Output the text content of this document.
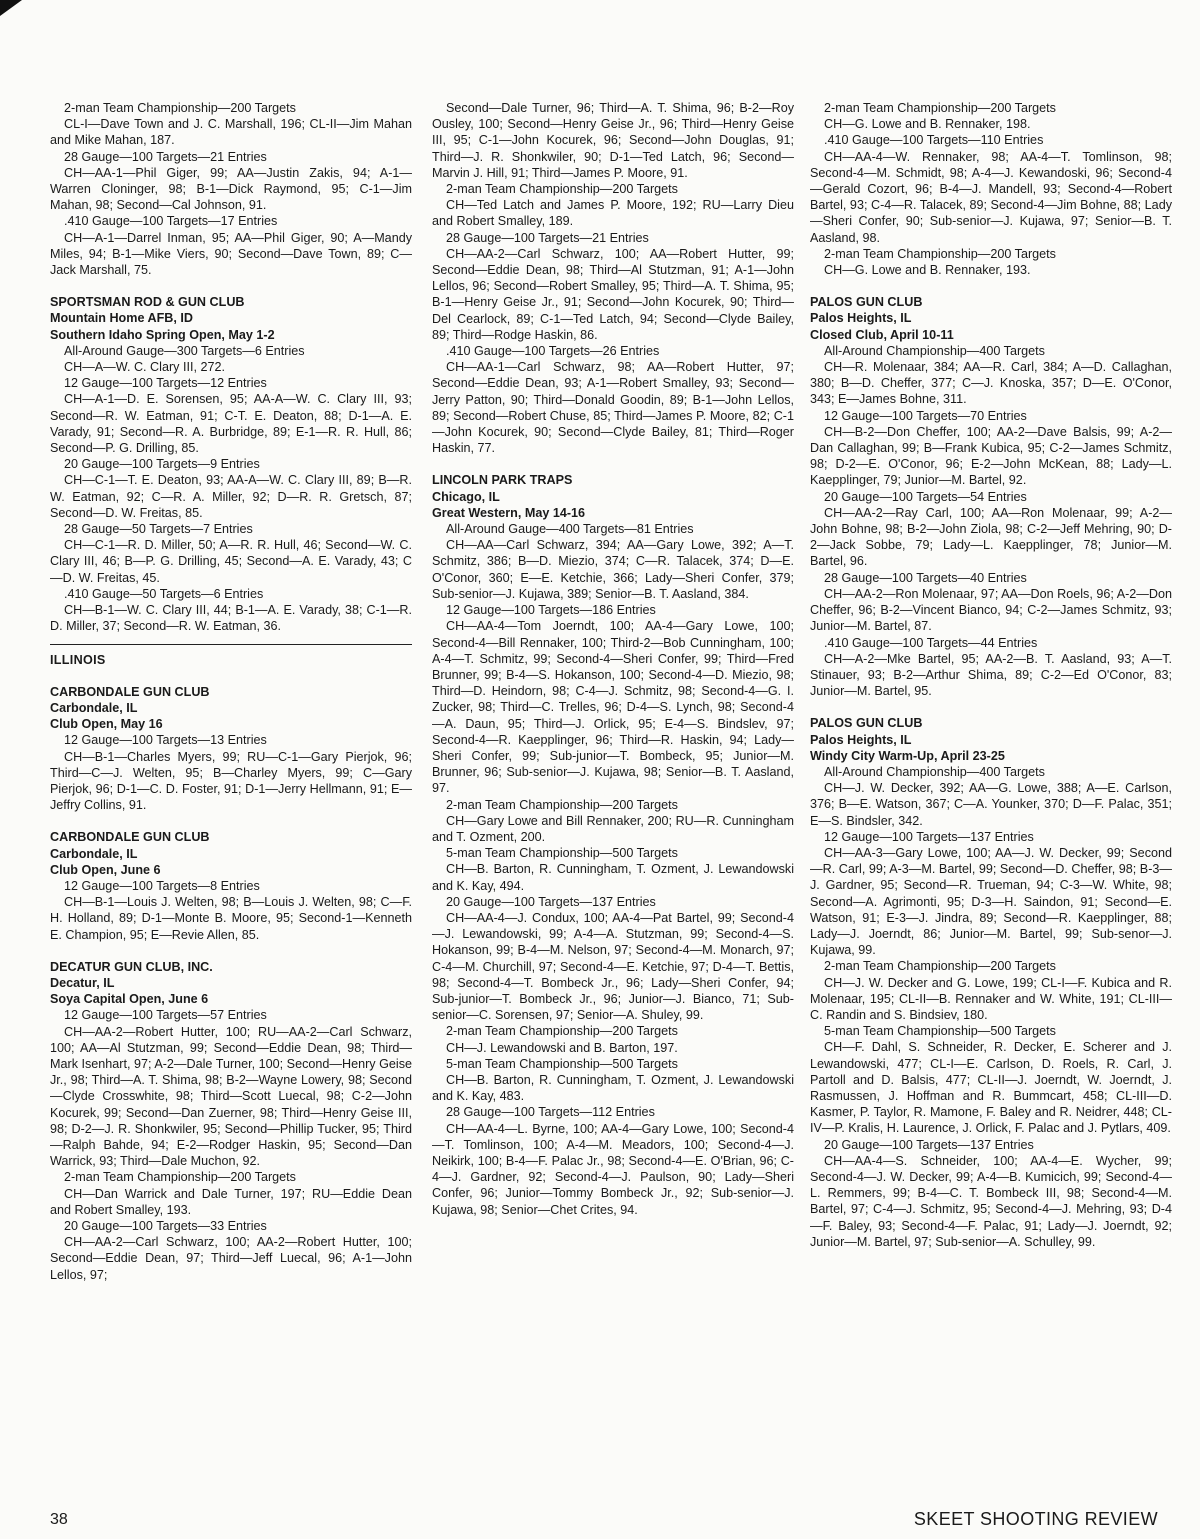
2-man Team Championship—200 Targets

CL-I—Dave Town and J. C. Marshall, 196; CL-II—Jim Mahan and Mike Mahan, 187.

28 Gauge—100 Targets—21 Entries

CH—AA-1—Phil Giger, 99; AA—Justin Zakis, 94; A-1—Warren Cloninger, 98; B-1—Dick Raymond, 95; C-1—Jim Mahan, 98; Second—Cal Johnson, 91.

.410 Gauge—100 Targets—17 Entries

CH—A-1—Darrel Inman, 95; AA—Phil Giger, 90; A—Mandy Miles, 94; B-1—Mike Viers, 90; Second—Dave Town, 89; C—Jack Marshall, 75.

SPORTSMAN ROD & GUN CLUB
Mountain Home AFB, ID
Southern Idaho Spring Open, May 1-2

All-Around Gauge—300 Targets—6 Entries

CH—A—W. C. Clary III, 272.

12 Gauge—100 Targets—12 Entries

CH—A-1—D. E. Sorensen, 95; AA-A—W. C. Clary III, 93; Second—R. W. Eatman, 91; C-T. E. Deaton, 88; D-1—A. E. Varady, 91; Second—R. A. Burbridge, 89; E-1—R. R. Hull, 86; Second—P. G. Drilling, 85.

20 Gauge—100 Targets—9 Entries

CH—C-1—T. E. Deaton, 93; AA-A—W. C. Clary III, 89; B—R. W. Eatman, 92; C—R. A. Miller, 92; D—R. R. Gretsch, 87; Second—D. W. Freitas, 85.

28 Gauge—50 Targets—7 Entries

CH—C-1—R. D. Miller, 50; A—R. R. Hull, 46; Second—W. C. Clary III, 46; B—P. G. Drilling, 45; Second—A. E. Varady, 43; C—D. W. Freitas, 45.

.410 Gauge—50 Targets—6 Entries

CH—B-1—W. C. Clary III, 44; B-1—A. E. Varady, 38; C-1—R. D. Miller, 37; Second—R. W. Eatman, 36.

ILLINOIS
CARBONDALE GUN CLUB
Carbondale, IL
Club Open, May 16

12 Gauge—100 Targets—13 Entries

CH—B-1—Charles Myers, 99; RU—C-1—Gary Pierjok, 96; Third—C—J. Welten, 95; B—Charley Myers, 99; C—Gary Pierjok, 96; D-1—C. D. Foster, 91; D-1—Jerry Hellmann, 91; E—Jeffry Collins, 91.

CARBONDALE GUN CLUB
Carbondale, IL
Club Open, June 6

12 Gauge—100 Targets—8 Entries

CH—B-1—Louis J. Welten, 98; B—Louis J. Welten, 98; C—F. H. Holland, 89; D-1—Monte B. Moore, 95; Second-1—Kenneth E. Champion, 95; E—Revie Allen, 85.

DECATUR GUN CLUB, INC.
Decatur, IL
Soya Capital Open, June 6

12 Gauge—100 Targets—57 Entries

CH—AA-2—Robert Hutter, 100; RU—AA-2—Carl Schwarz, 100; AA—Al Stutzman, 99; Second—Eddie Dean, 98; Third—Mark Isenhart, 97; A-2—Dale Turner, 100; Second—Henry Geise Jr., 98; Third—A. T. Shima, 98; B-2—Wayne Lowery, 98; Second—Clyde Crosswhite, 98; Third—Scott Luecal, 98; C-2—John Kocurek, 99; Second—Dan Zuerner, 98; Third—Henry Geise III, 98; D-2—J. R. Shonkwiler, 95; Second—Phillip Tucker, 95; Third—Ralph Bahde, 94; E-2—Rodger Haskin, 95; Second—Dan Warrick, 93; Third—Dale Muchon, 92.

2-man Team Championship—200 Targets

CH—Dan Warrick and Dale Turner, 197; RU—Eddie Dean and Robert Smalley, 193.

20 Gauge—100 Targets—33 Entries

CH—AA-2—Carl Schwarz, 100; AA-2—Robert Hutter, 100; Second—Eddie Dean, 97; Third—Jeff Luecal, 96; A-1—John Lellos, 97;

Second—Dale Turner, 96; Third—A. T. Shima, 96; B-2—Roy Ousley, 100; Second—Henry Geise Jr., 96; Third—Henry Geise III, 95; C-1—John Kocurek, 96; Second—John Douglas, 91; Third—J. R. Shonkwiler, 90; D-1—Ted Latch, 96; Second—Marvin J. Hill, 91; Third—James P. Moore, 91.

2-man Team Championship—200 Targets

CH—Ted Latch and James P. Moore, 192; RU—Larry Dieu and Robert Smalley, 189.

28 Gauge—100 Targets—21 Entries

CH—AA-2—Carl Schwarz, 100; AA—Robert Hutter, 99; Second—Eddie Dean, 98; Third—Al Stutzman, 91; A-1—John Lellos, 96; Second—Robert Smalley, 95; Third—A. T. Shima, 95; B-1—Henry Geise Jr., 91; Second—John Kocurek, 90; Third—Del Cearlock, 89; C-1—Ted Latch, 94; Second—Clyde Bailey, 89; Third—Rodge Haskin, 86.

.410 Gauge—100 Targets—26 Entries

CH—AA-1—Carl Schwarz, 98; AA—Robert Hutter, 97; Second—Eddie Dean, 93; A-1—Robert Smalley, 93; Second—Jerry Patton, 90; Third—Donald Goodin, 89; B-1—John Lellos, 89; Second—Robert Chuse, 85; Third—James P. Moore, 82; C-1—John Kocurek, 90; Second—Clyde Bailey, 81; Third—Roger Haskin, 77.

LINCOLN PARK TRAPS
Chicago, IL
Great Western, May 14-16

All-Around Gauge—400 Targets—81 Entries

CH—AA—Carl Schwarz, 394; AA—Gary Lowe, 392; A—T. Schmitz, 386; B—D. Miezio, 374; C—R. Talacek, 374; D—E. O'Conor, 360; E—E. Ketchie, 366; Lady—Sheri Confer, 379; Sub-senior—J. Kujawa, 389; Senior—B. T. Aasland, 384.

12 Gauge—100 Targets—186 Entries

CH—AA-4—Tom Joerndt, 100; AA-4—Gary Lowe, 100; Second-4—Bill Rennaker, 100; Third-2—Bob Cunningham, 100; A-4—T. Schmitz, 99; Second-4—Sheri Confer, 99; Third—Fred Brunner, 99; B-4—S. Hokanson, 100; Second-4—D. Miezio, 98; Third—D. Heindorn, 98; C-4—J. Schmitz, 98; Second-4—G. I. Zucker, 98; Third—C. Trelles, 96; D-4—S. Lynch, 98; Second-4—A. Daun, 95; Third—J. Orlick, 95; E-4—S. Bindslev, 97; Second-4—R. Kaepplinger, 96; Third—R. Haskin, 94; Lady—Sheri Confer, 99; Sub-junior—T. Bombeck, 95; Junior—M. Brunner, 96; Sub-senior—J. Kujawa, 98; Senior—B. T. Aasland, 97.

2-man Team Championship—200 Targets

CH—Gary Lowe and Bill Rennaker, 200; RU—R. Cunningham and T. Ozment, 200.

5-man Team Championship—500 Targets

CH—B. Barton, R. Cunningham, T. Ozment, J. Lewandowski and K. Kay, 494.

20 Gauge—100 Targets—137 Entries

CH—AA-4—J. Condux, 100; AA-4—Pat Bartel, 99; Second-4—J. Lewandowski, 99; A-4—A. Stutzman, 99; Second-4—S. Hokanson, 99; B-4—M. Nelson, 97; Second-4—M. Monarch, 97; C-4—M. Churchill, 97; Second-4—E. Ketchie, 97; D-4—T. Bettis, 98; Second-4—T. Bombeck Jr., 96; Lady—Sheri Confer, 94; Sub-junior—T. Bombeck Jr., 96; Junior—J. Bianco, 71; Sub-senior—C. Sorensen, 97; Senior—A. Shuley, 99.

2-man Team Championship—200 Targets

CH—J. Lewandowski and B. Barton, 197.

5-man Team Championship—500 Targets

CH—B. Barton, R. Cunningham, T. Ozment, J. Lewandowski and K. Kay, 483.

28 Gauge—100 Targets—112 Entries

CH—AA-4—L. Byrne, 100; AA-4—Gary Lowe, 100; Second-4—T. Tomlinson, 100; A-4—M. Meadors, 100; Second-4—J. Neikirk, 100; B-4—F. Palac Jr., 98; Second-4—E. O'Brian, 96; C-4—J. Gardner, 92; Second-4—J. Paulson, 90; Lady—Sheri Confer, 96; Junior—Tommy Bombeck Jr., 92; Sub-senior—J. Kujawa, 98; Senior—Chet Crites, 94.

2-man Team Championship—200 Targets

CH—G. Lowe and B. Rennaker, 198.

.410 Gauge—100 Targets—110 Entries

CH—AA-4—W. Rennaker, 98; AA-4—T. Tomlinson, 98; Second-4—M. Schmidt, 98; A-4—J. Kewandoski, 96; Second-4—Gerald Cozort, 96; B-4—J. Mandell, 93; Second-4—Robert Bartel, 93; C-4—R. Talacek, 89; Second-4—Jim Bohne, 88; Lady—Sheri Confer, 90; Sub-senior—J. Kujawa, 97; Senior—B. T. Aasland, 98.

2-man Team Championship—200 Targets

CH—G. Lowe and B. Rennaker, 193.

PALOS GUN CLUB
Palos Heights, IL
Closed Club, April 10-11

All-Around Championship—400 Targets

CH—R. Molenaar, 384; AA—R. Carl, 384; A—D. Callaghan, 380; B—D. Cheffer, 377; C—J. Knoska, 357; D—E. O'Conor, 343; E—James Bohne, 311.

12 Gauge—100 Targets—70 Entries

CH—B-2—Don Cheffer, 100; AA-2—Dave Balsis, 99; A-2—Dan Callaghan, 99; B—Frank Kubica, 95; C-2—James Schmitz, 98; D-2—E. O'Conor, 96; E-2—John McKean, 88; Lady—L. Kaepplinger, 79; Junior—M. Bartel, 92.

20 Gauge—100 Targets—54 Entries

CH—AA-2—Ray Carl, 100; AA—Ron Molenaar, 99; A-2—John Bohne, 98; B-2—John Ziola, 98; C-2—Jeff Mehring, 90; D-2—Jack Sobbe, 79; Lady—L. Kaepplinger, 78; Junior—M. Bartel, 96.

28 Gauge—100 Targets—40 Entries

CH—AA-2—Ron Molenaar, 97; AA—Don Roels, 96; A-2—Don Cheffer, 96; B-2—Vincent Bianco, 94; C-2—James Schmitz, 93; Junior—M. Bartel, 87.

.410 Gauge—100 Targets—44 Entries

CH—A-2—Mke Bartel, 95; AA-2—B. T. Aasland, 93; A—T. Stinauer, 93; B-2—Arthur Shima, 89; C-2—Ed O'Conor, 83; Junior—M. Bartel, 95.

PALOS GUN CLUB
Palos Heights, IL
Windy City Warm-Up, April 23-25

All-Around Championship—400 Targets

CH—J. W. Decker, 392; AA—G. Lowe, 388; A—E. Carlson, 376; B—E. Watson, 367; C—A. Younker, 370; D—F. Palac, 351; E—S. Bindsler, 342.

12 Gauge—100 Targets—137 Entries

CH—AA-3—Gary Lowe, 100; AA—J. W. Decker, 99; Second—R. Carl, 99; A-3—M. Bartel, 99; Second—D. Cheffer, 98; B-3—J. Gardner, 95; Second—R. Trueman, 94; C-3—W. White, 98; Second—A. Agrimonti, 95; D-3—H. Saindon, 91; Second—E. Watson, 91; E-3—J. Jindra, 89; Second—R. Kaepplinger, 88; Lady—J. Joerndt, 86; Junior—M. Bartel, 99; Sub-senor—J. Kujawa, 99.

2-man Team Championship—200 Targets

CH—J. W. Decker and G. Lowe, 199; CL-I—F. Kubica and R. Molenaar, 195; CL-II—B. Rennaker and W. White, 191; CL-III—C. Randin and S. Bindsiev, 180.

5-man Team Championship—500 Targets

CH—F. Dahl, S. Schneider, R. Decker, E. Scherer and J. Lewandowski, 477; CL-I—E. Carlson, D. Roels, R. Carl, J. Partoll and D. Balsis, 477; CL-II—J. Joerndt, W. Joerndt, J. Rasmussen, J. Hoffman and R. Bummcart, 458; CL-III—D. Kasmer, P. Taylor, R. Mamone, F. Baley and R. Neidrer, 448; CL-IV—P. Kralis, H. Laurence, J. Orlick, F. Palac and J. Pytlars, 409.

20 Gauge—100 Targets—137 Entries

CH—AA-4—S. Schneider, 100; AA-4—E. Wycher, 99; Second-4—J. W. Decker, 99; A-4—B. Kumicich, 99; Second-4—L. Remmers, 99; B-4—C. T. Bombeck III, 98; Second-4—M. Bartel, 97; C-4—J. Schmitz, 95; Second-4—J. Mehring, 93; D-4—F. Baley, 93; Second-4—F. Palac, 91; Lady—J. Joerndt, 92; Junior—M. Bartel, 97; Sub-senior—A. Schulley, 99.

38	SKEET SHOOTING REVIEW
